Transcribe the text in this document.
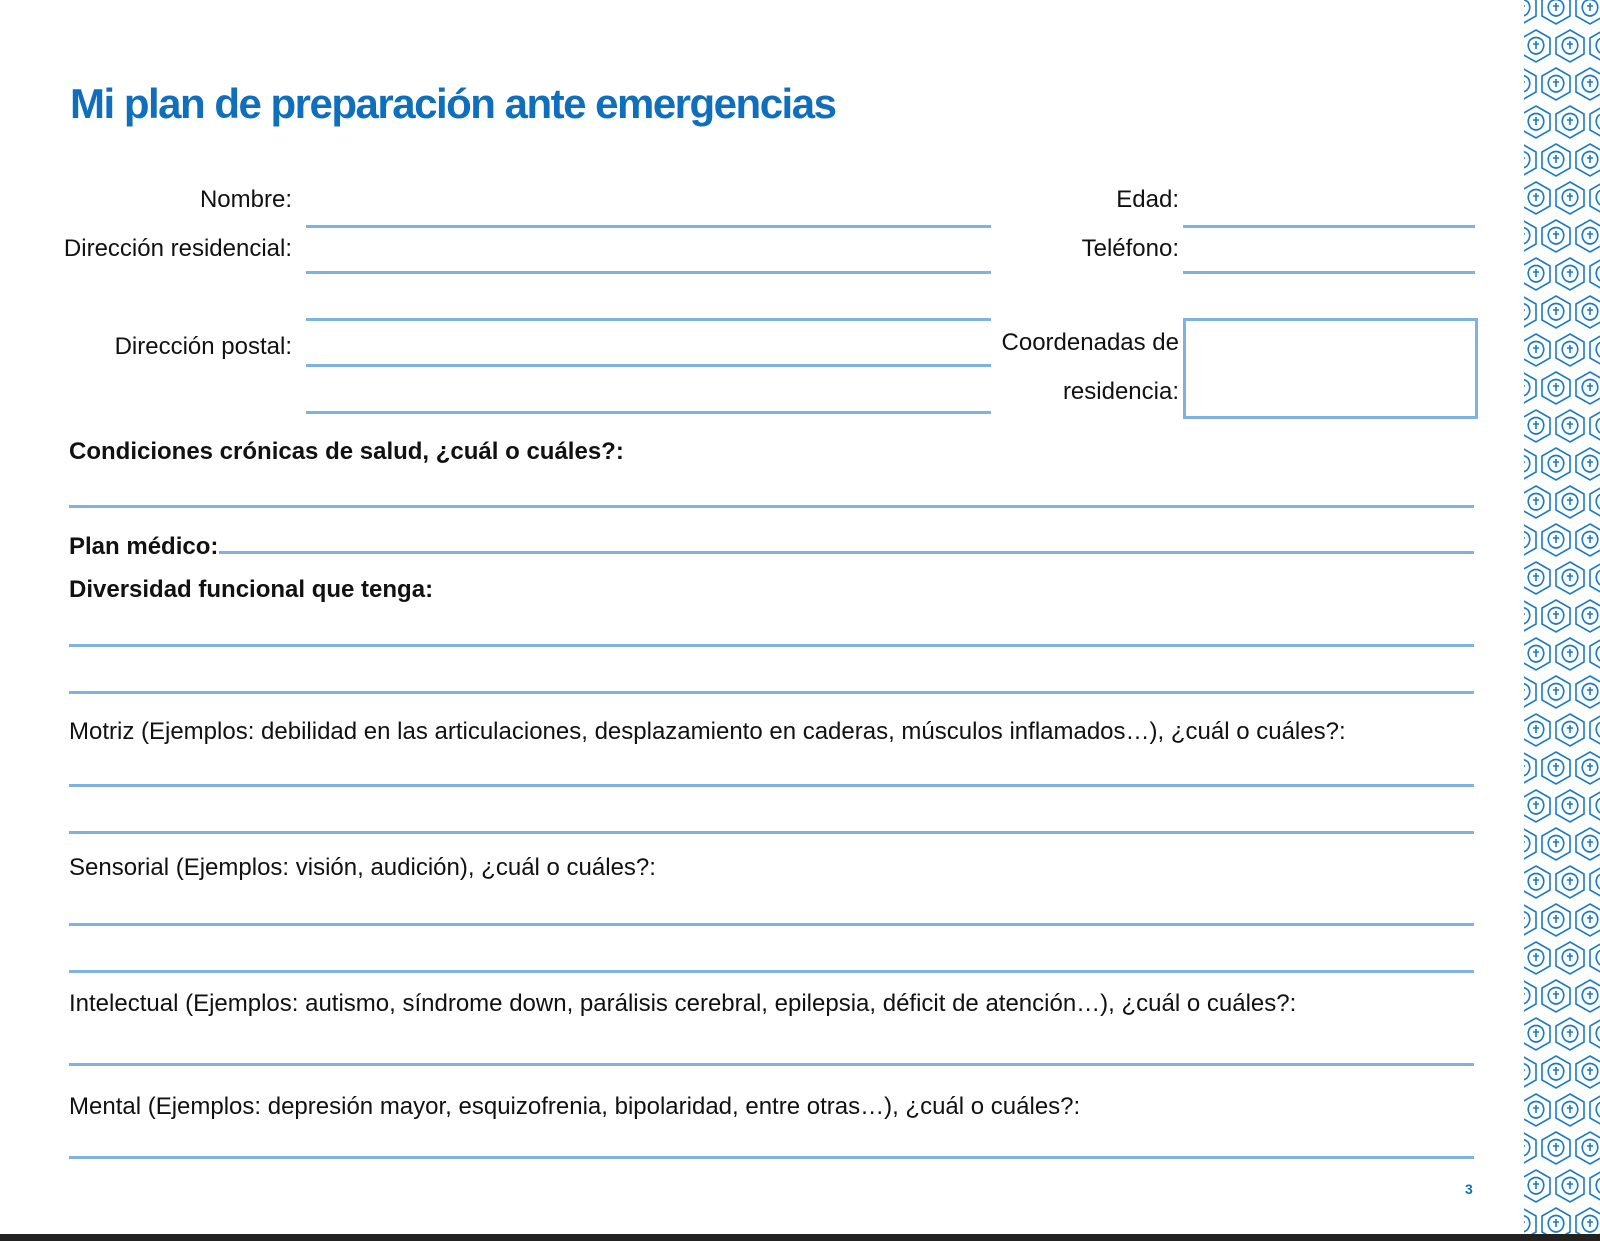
Mi plan de preparación ante emergencias
Nombre:	Edad:
Dirección residencial:	Teléfono:
Dirección postal:	Coordenadas de
residencia:
Condiciones crónicas de salud, ¿cuál o cuáles?:
Plan médico:
Diversidad funcional que tenga:
Motriz (Ejemplos: debilidad en las articulaciones, desplazamiento en caderas, músculos inflamados…), ¿cuál o cuáles?:
Sensorial (Ejemplos: visión, audición), ¿cuál o cuáles?:
Intelectual (Ejemplos: autismo, síndrome down, parálisis cerebral, epilepsia, déficit de atención…), ¿cuál o cuáles?:
Mental (Ejemplos: depresión mayor, esquizofrenia, bipolaridad, entre otras…), ¿cuál o cuáles?:
3
